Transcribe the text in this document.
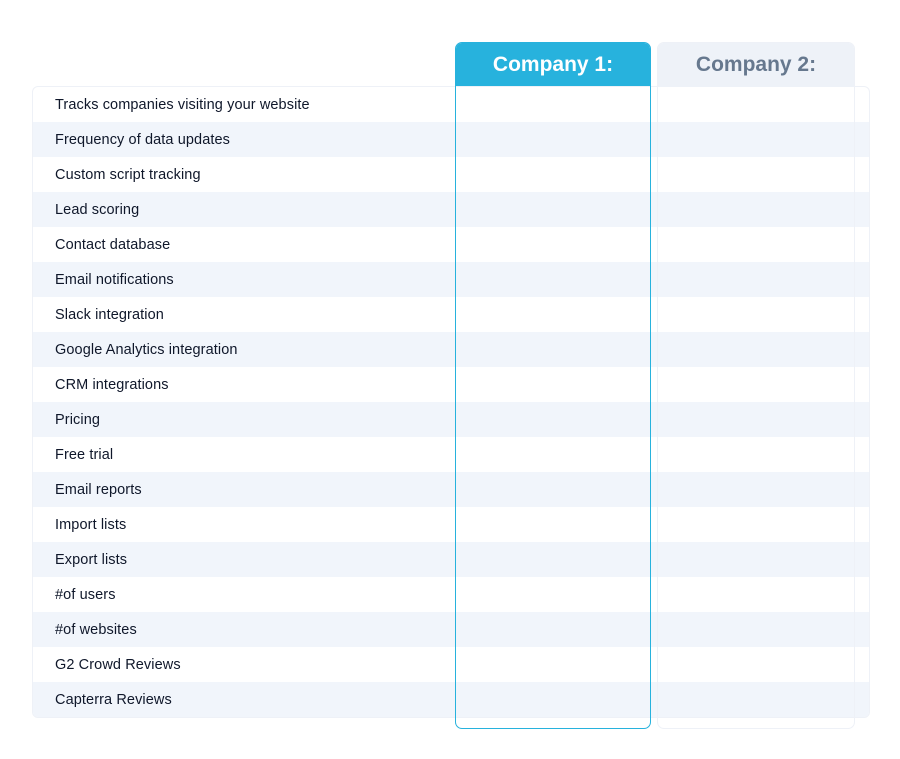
Tracks companies visiting your website
Frequency of data updates
Custom script tracking
Lead scoring
Contact database
Email notifications
Slack integration
Google Analytics integration
CRM integrations
Pricing
Free trial
Email reports
Import lists
Export lists
#of users
#of websites
G2 Crowd Reviews
Capterra Reviews
Company 1:	Company 2:
